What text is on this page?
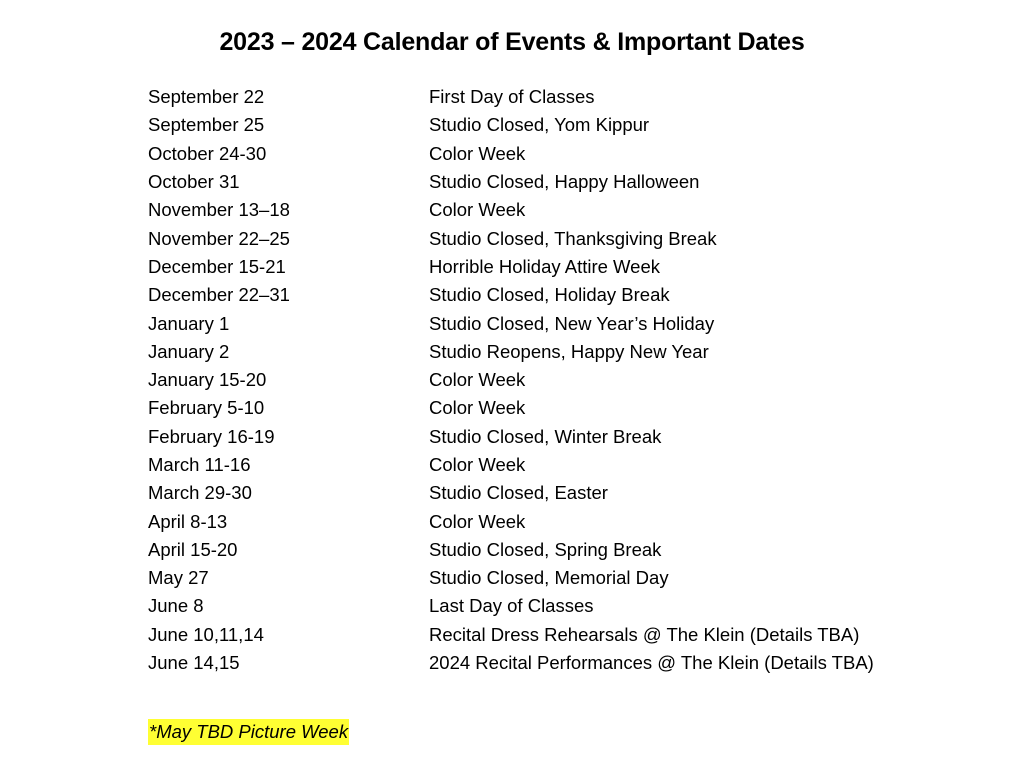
2023 – 2024 Calendar of Events & Important Dates
September 22	First Day of Classes
September 25	Studio Closed, Yom Kippur
October 24-30	Color Week
October 31	Studio Closed, Happy Halloween
November 13–18	Color Week
November 22–25	Studio Closed, Thanksgiving Break
December 15-21	Horrible Holiday Attire Week
December 22–31	Studio Closed, Holiday Break
January 1	Studio Closed, New Year’s Holiday
January 2	Studio Reopens, Happy New Year
January 15-20	Color Week
February 5-10	Color Week
February 16-19	Studio Closed, Winter Break
March 11-16	Color Week
March 29-30	Studio Closed, Easter
April 8-13	Color Week
April 15-20	Studio Closed, Spring Break
May 27	Studio Closed, Memorial Day
June 8	Last Day of Classes
June 10,11,14	Recital Dress Rehearsals @ The Klein (Details TBA)
June 14,15	2024 Recital Performances @ The Klein (Details TBA)
*May TBD Picture Week
